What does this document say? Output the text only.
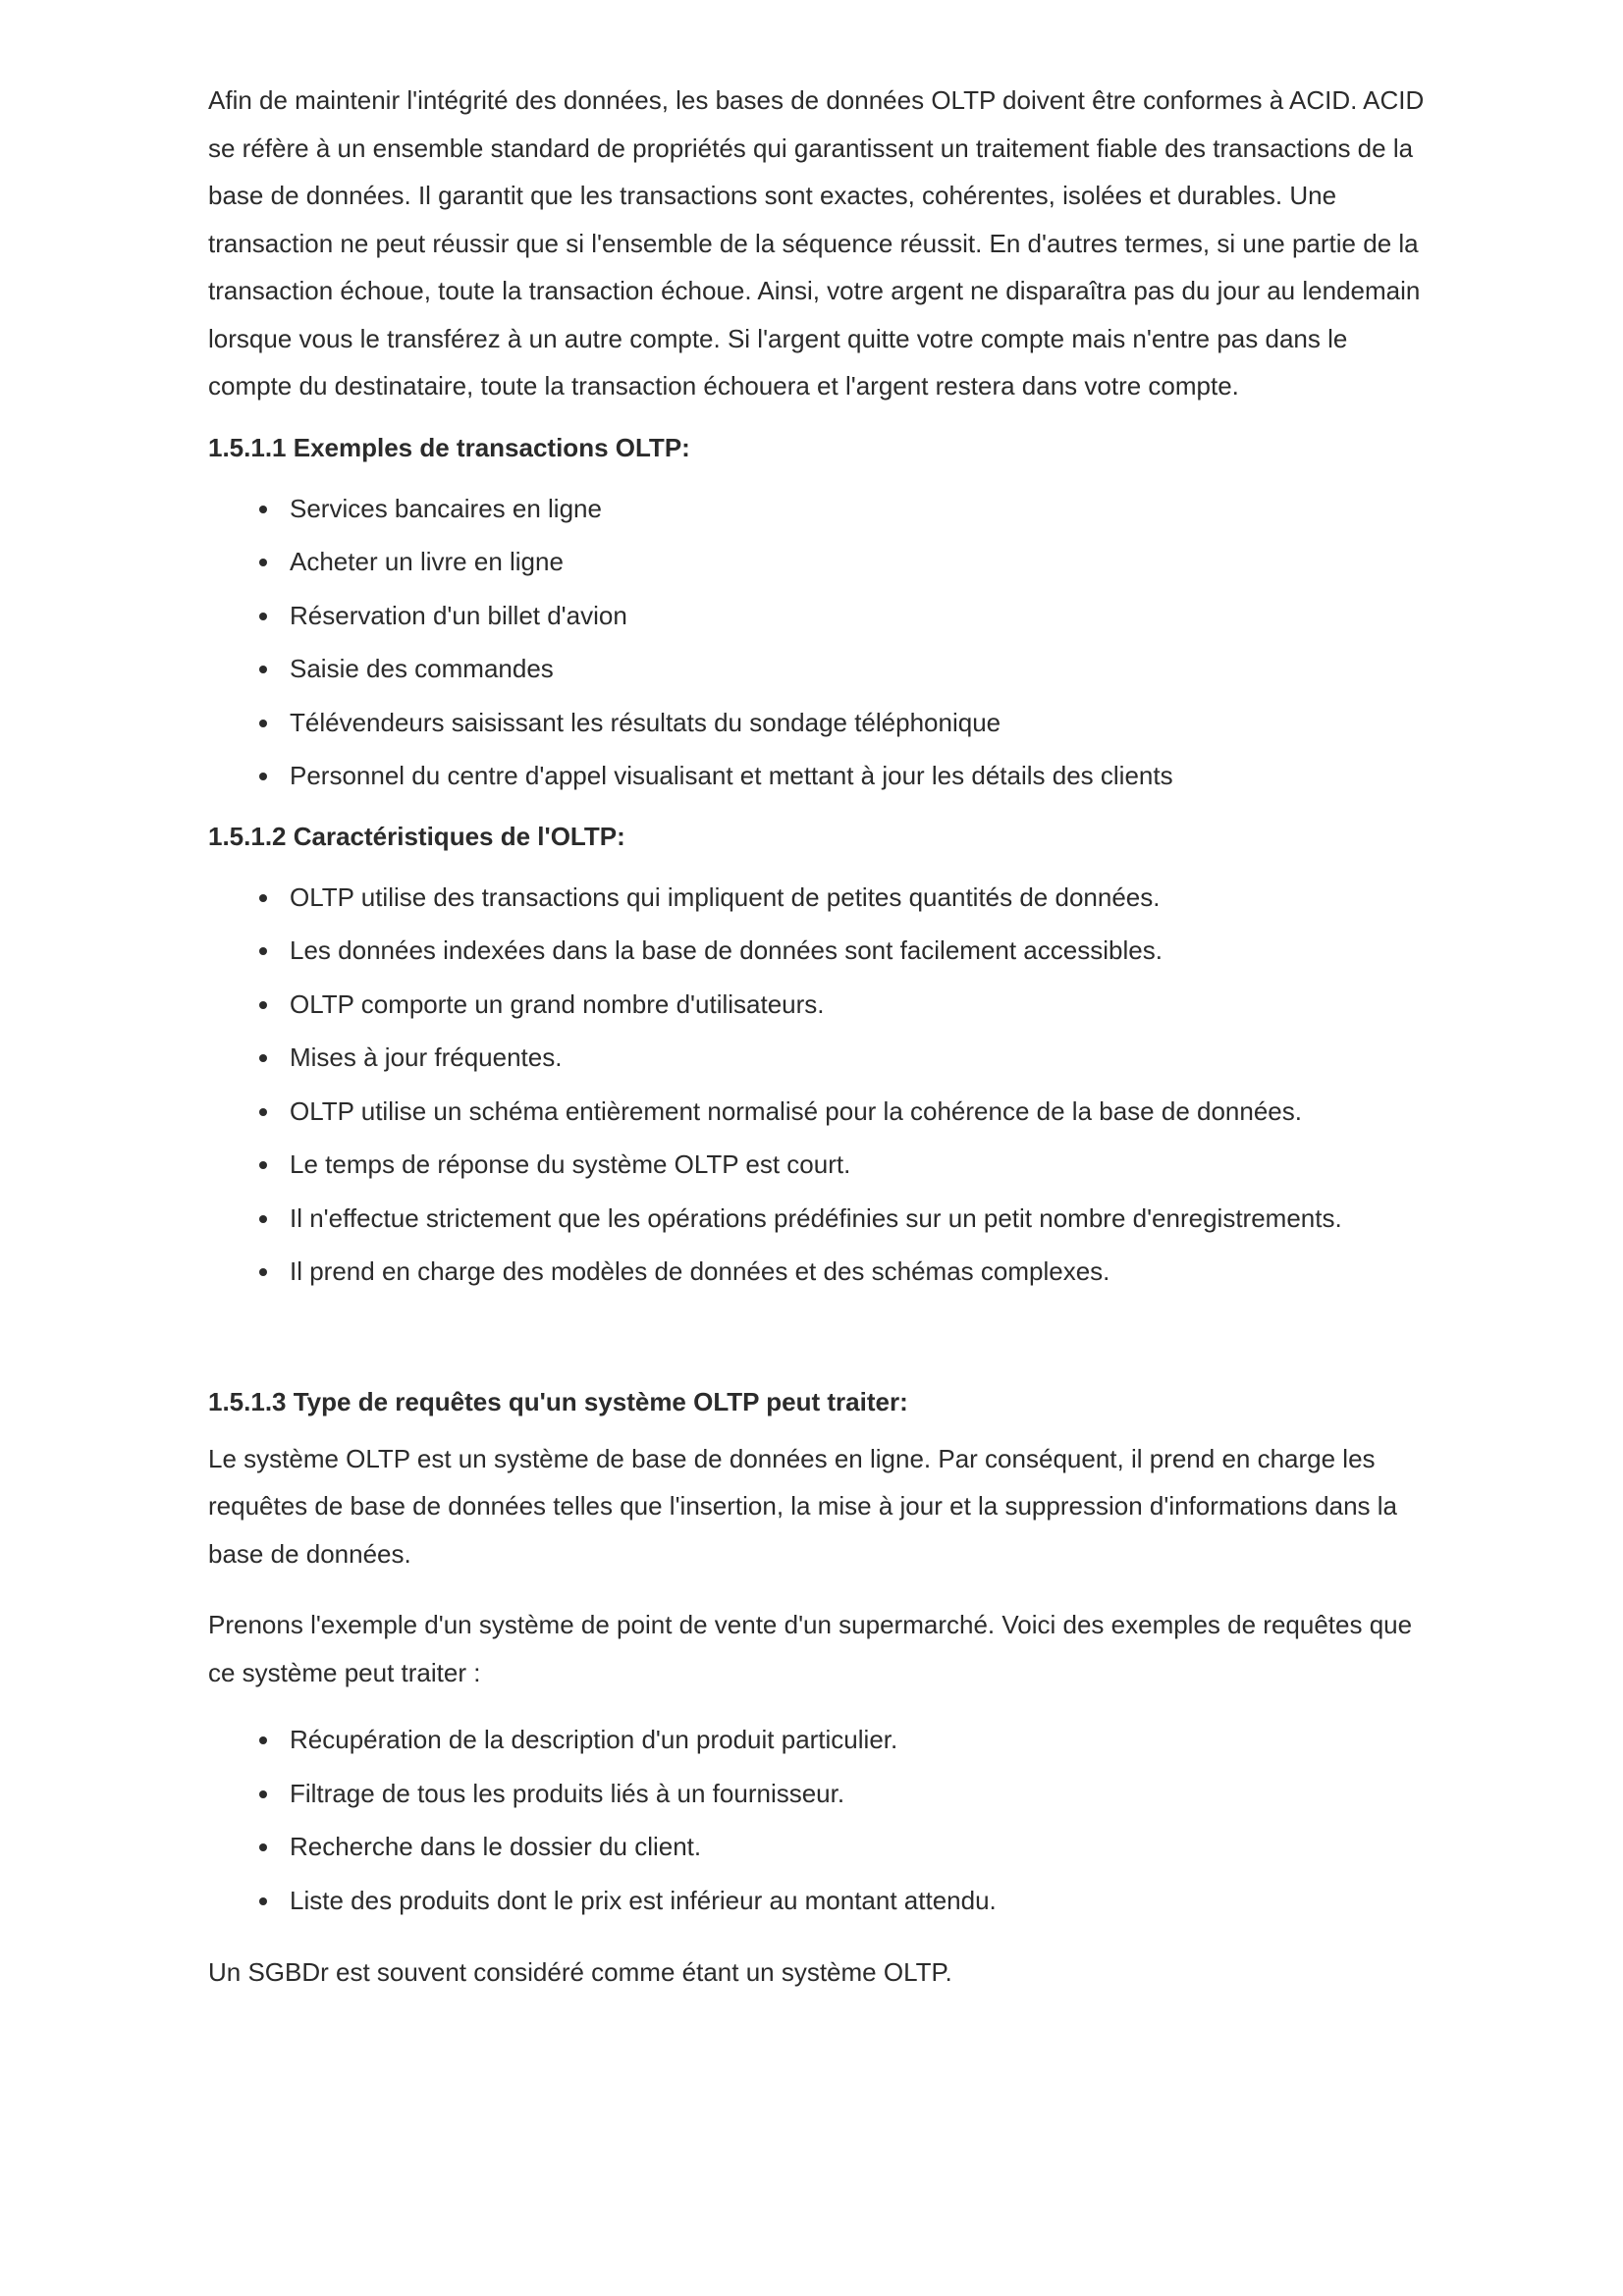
Afin de maintenir l'intégrité des données, les bases de données OLTP doivent être conformes à ACID. ACID se réfère à un ensemble standard de propriétés qui garantissent un traitement fiable des transactions de la base de données. Il garantit que les transactions sont exactes, cohérentes, isolées et durables. Une transaction ne peut réussir que si l'ensemble de la séquence réussit. En d'autres termes, si une partie de la transaction échoue, toute la transaction échoue. Ainsi, votre argent ne disparaîtra pas du jour au lendemain lorsque vous le transférez à un autre compte. Si l'argent quitte votre compte mais n'entre pas dans le compte du destinataire, toute la transaction échouera et l'argent restera dans votre compte.

1.5.1.1 Exemples de transactions OLTP:
Services bancaires en ligne
Acheter un livre en ligne
Réservation d'un billet d'avion
Saisie des commandes
Télévendeurs saisissant les résultats du sondage téléphonique
Personnel du centre d'appel visualisant et mettant à jour les détails des clients
1.5.1.2 Caractéristiques de l'OLTP:
OLTP utilise des transactions qui impliquent de petites quantités de données.
Les données indexées dans la base de données sont facilement accessibles.
OLTP comporte un grand nombre d'utilisateurs.
Mises à jour fréquentes.
OLTP utilise un schéma entièrement normalisé pour la cohérence de la base de données.
Le temps de réponse du système OLTP est court.
Il n'effectue strictement que les opérations prédéfinies sur un petit nombre d'enregistrements.
Il prend en charge des modèles de données et des schémas complexes.
1.5.1.3 Type de requêtes qu'un système OLTP peut traiter:

Le système OLTP est un système de base de données en ligne. Par conséquent, il prend en charge les requêtes de base de données telles que l'insertion, la mise à jour et la suppression d'informations dans la base de données.

Prenons l'exemple d'un système de point de vente d'un supermarché. Voici des exemples de requêtes que ce système peut traiter :

Récupération de la description d'un produit particulier.
Filtrage de tous les produits liés à un fournisseur.
Recherche dans le dossier du client.
Liste des produits dont le prix est inférieur au montant attendu.

Un SGBDr est souvent considéré comme étant un système OLTP.
